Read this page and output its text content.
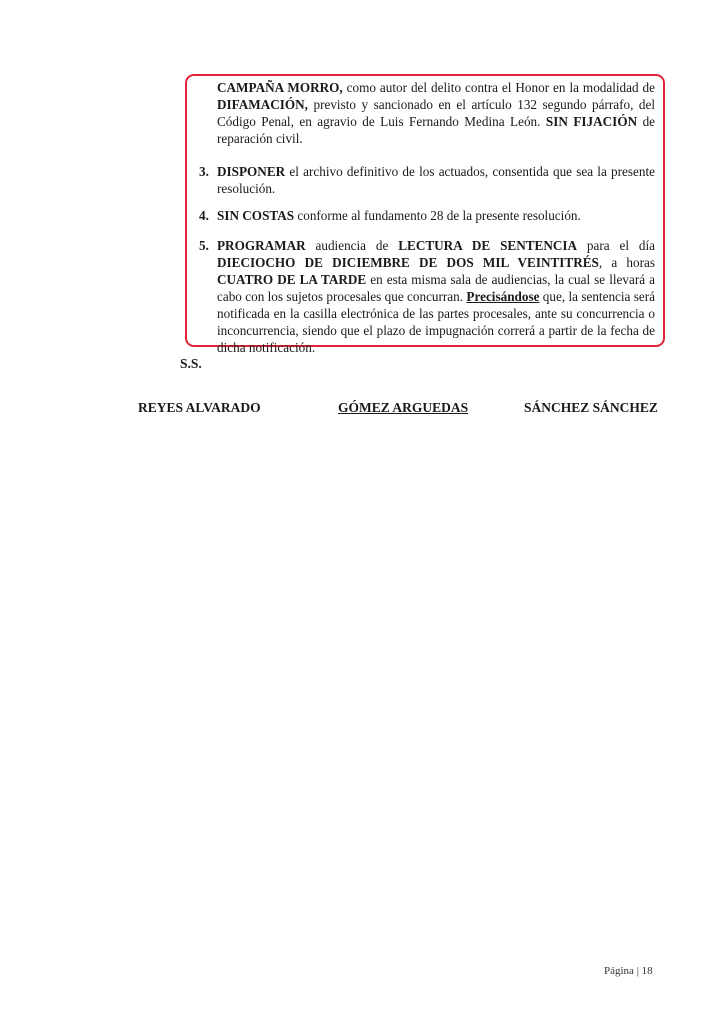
CAMPAÑA MORRO, como autor del delito contra el Honor en la modalidad de DIFAMACIÓN, previsto y sancionado en el artículo 132 segundo párrafo, del Código Penal, en agravio de Luis Fernando Medina León. SIN FIJACIÓN de reparación civil.
3. DISPONER el archivo definitivo de los actuados, consentida que sea la presente resolución.
4. SIN COSTAS conforme al fundamento 28 de la presente resolución.
5. PROGRAMAR audiencia de LECTURA DE SENTENCIA para el día DIECIOCHO DE DICIEMBRE DE DOS MIL VEINTITRÉS, a horas CUATRO DE LA TARDE en esta misma sala de audiencias, la cual se llevará a cabo con los sujetos procesales que concurran. Precisándose que, la sentencia será notificada en la casilla electrónica de las partes procesales, ante su concurrencia o inconcurrencia, siendo que el plazo de impugnación correrá a partir de la fecha de dicha notificación.
S.S.
REYES ALVARADO	GÓMEZ ARGUEDAS	SÁNCHEZ SÁNCHEZ
Página | 18
